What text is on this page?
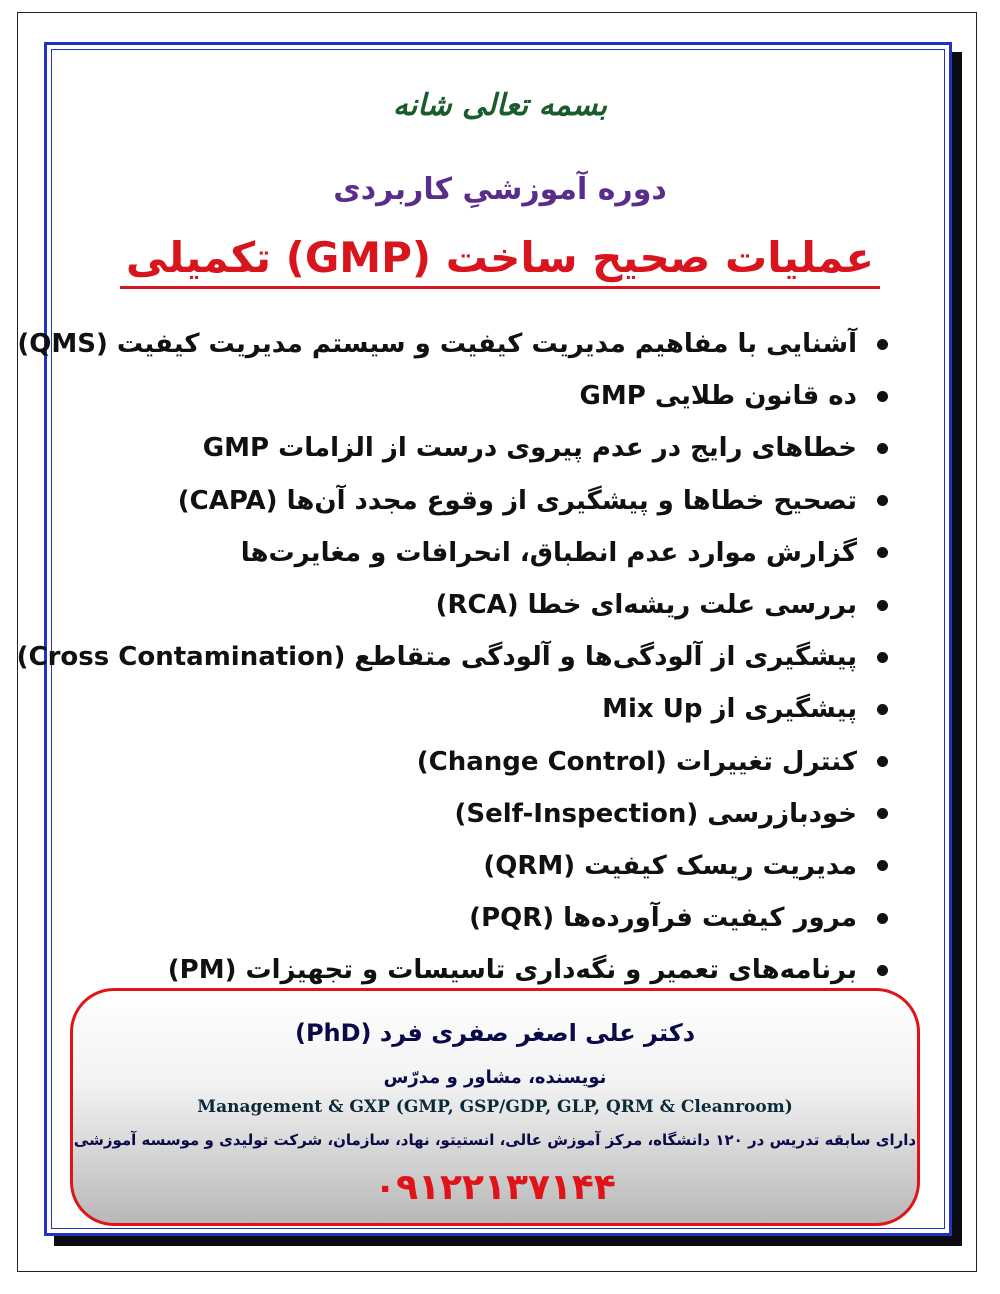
بسمه تعالی شانه
دوره آموزشیِ کاربردی
عملیات صحیح ساخت (GMP) تکمیلی
آشنایی با مفاهیم مدیریت کیفیت و سیستم مدیریت کیفیت (QMS)
ده قانون طلایی GMP
خطاهای رایج در عدم پیروی درست از الزامات GMP
تصحیح خطاها و پیشگیری از وقوع مجدد آن‌ها (CAPA)
گزارش موارد عدم انطباق، انحرافات و مغایرت‌ها
بررسی علت ریشه‌ای خطا (RCA)
پیشگیری از آلودگی‌ها و آلودگی متقاطع (Cross Contamination)
پیشگیری از Mix Up
کنترل تغییرات (Change Control)
خودبازرسی (Self-Inspection)
مدیریت ریسک کیفیت (QRM)
مرور کیفیت فرآورده‌ها (PQR)
برنامه‌های تعمیر و نگه‌داری تاسیسات و تجهیزات (PM)
دکتر علی اصغر صفری فرد (PhD)
نویسنده، مشاور و مدرّس
Management & GXP (GMP, GSP/GDP, GLP, QRM & Cleanroom)
دارای سابقه تدریس در ۱۲۰ دانشگاه، مرکز آموزش عالی، انستیتو، نهاد، سازمان، شرکت تولیدی و موسسه آموزشی
۰۹۱۲۲۱۳۷۱۴۴
